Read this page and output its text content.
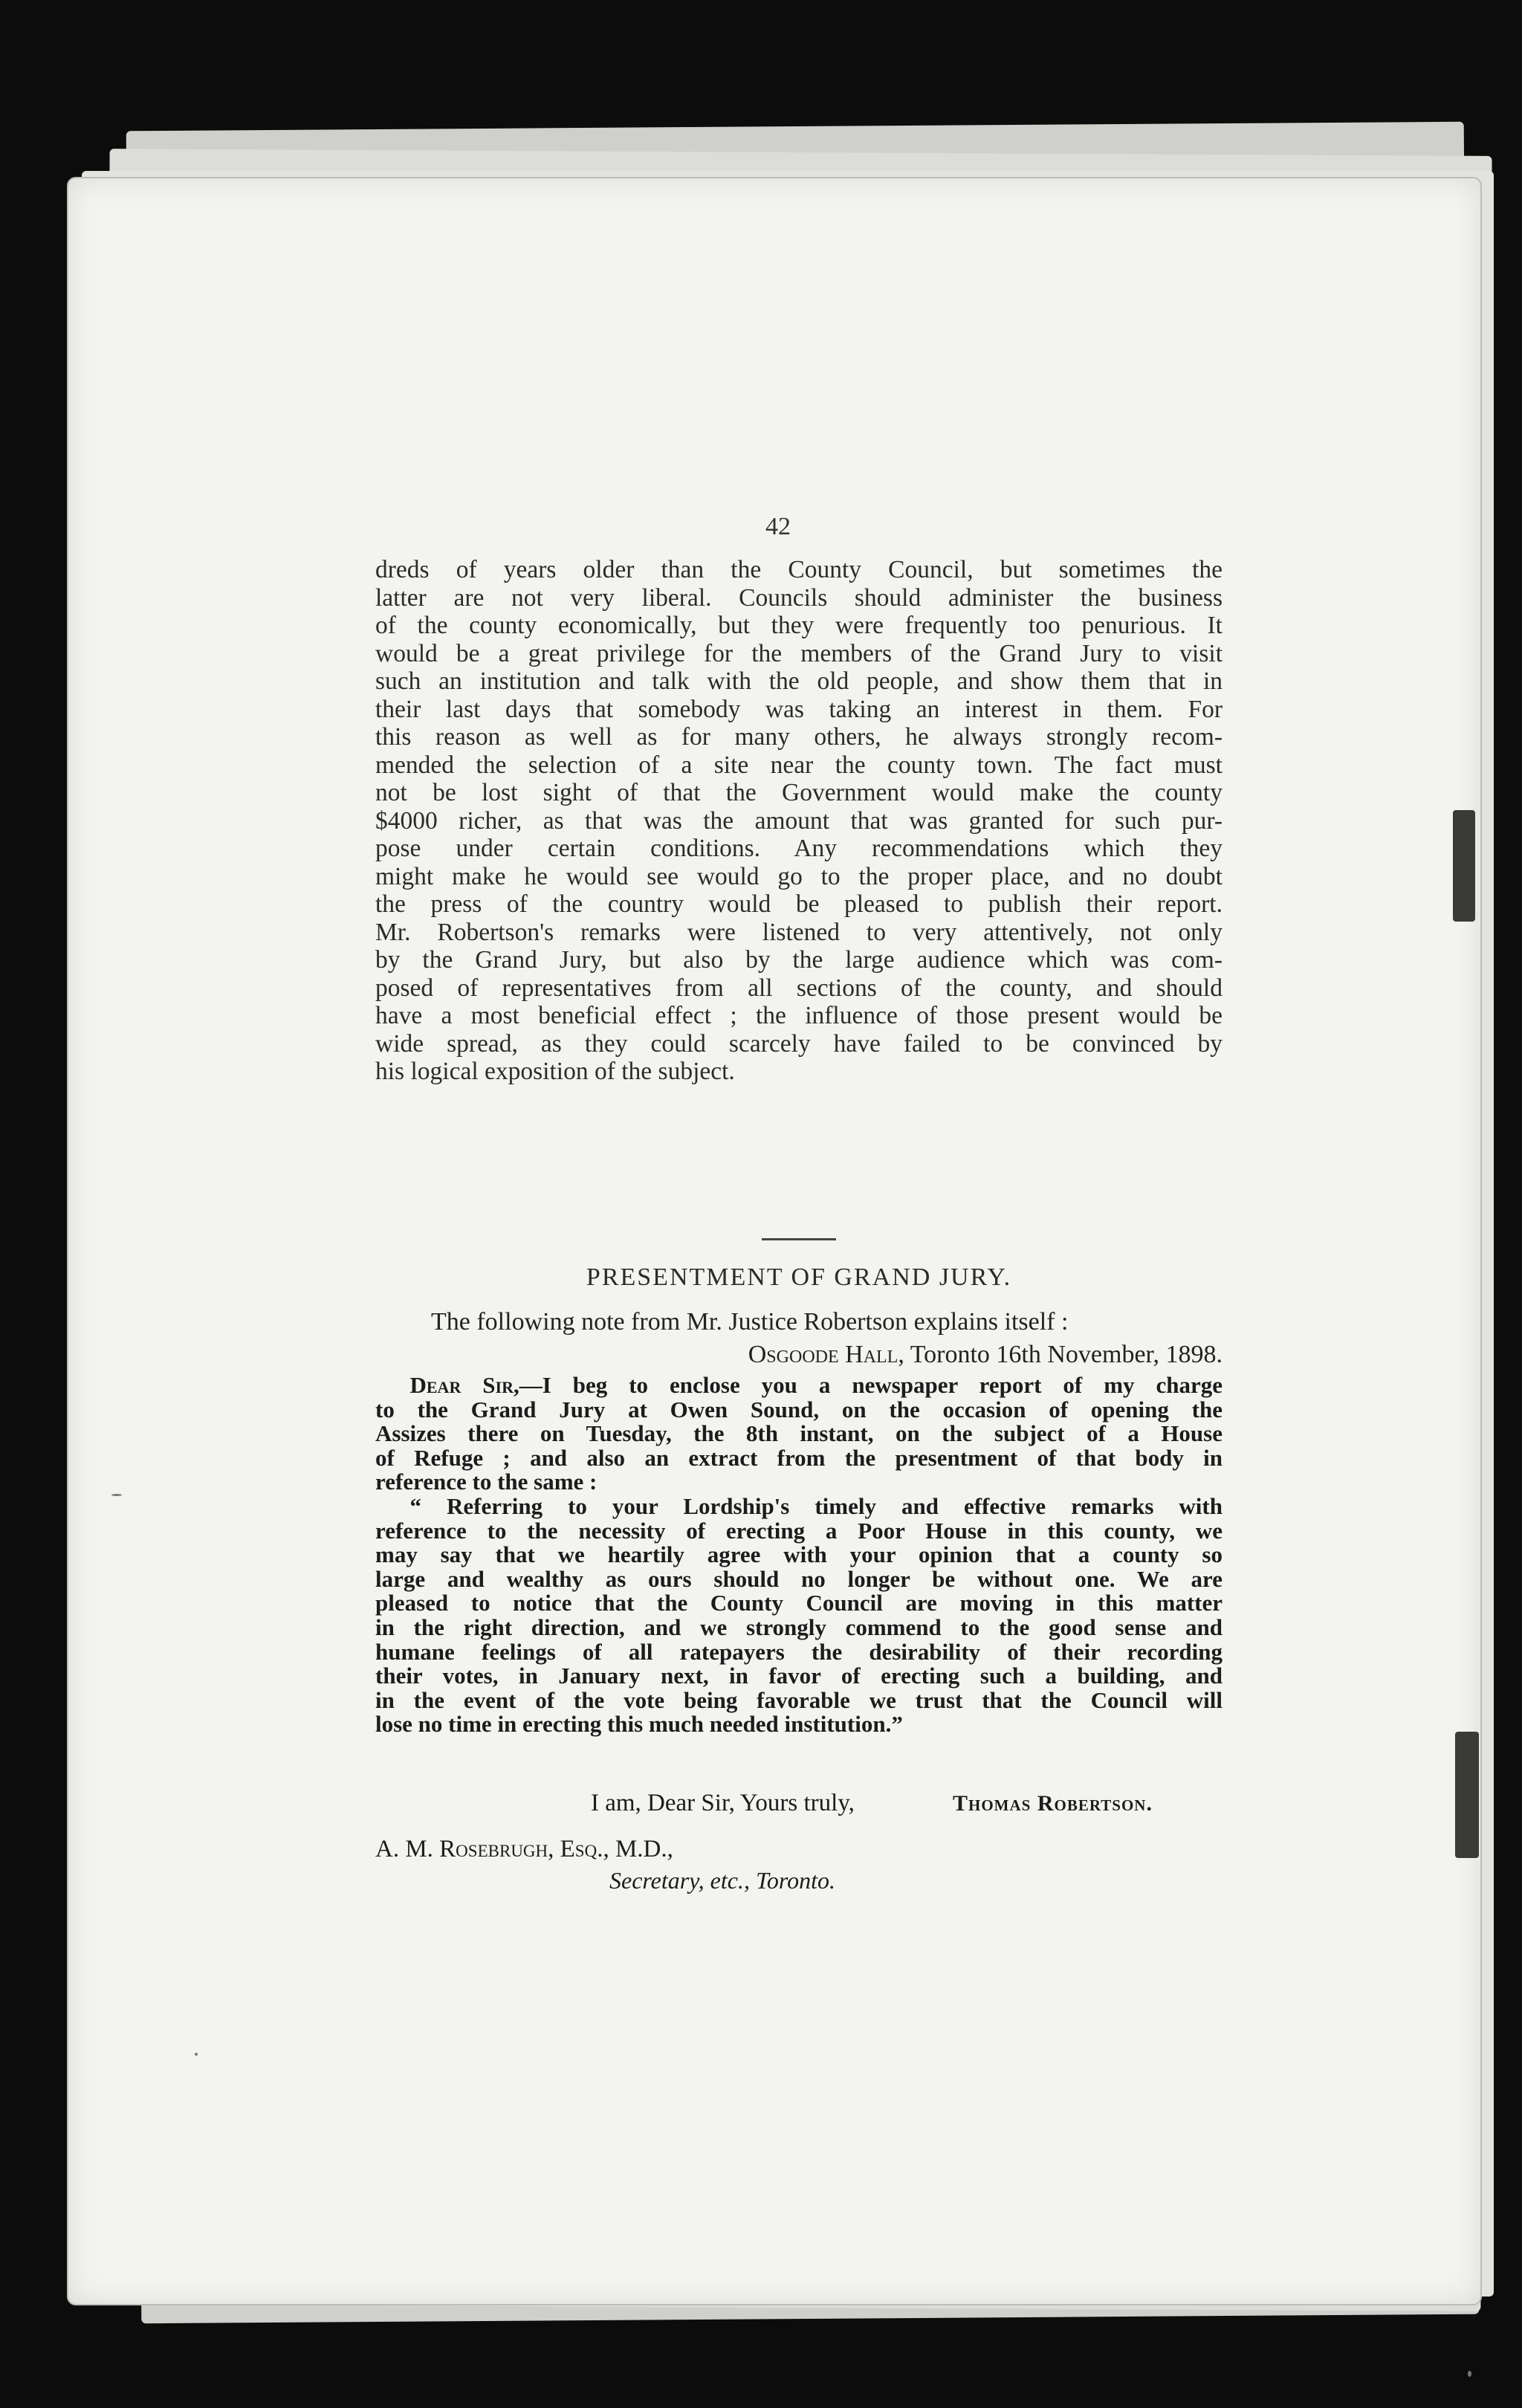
42
dreds of years older than the County Council, but sometimes the
latter are not very liberal. Councils should administer the business
of the county economically, but they were frequently too penurious. It
would be a great privilege for the members of the Grand Jury to visit
such an institution and talk with the old people, and show them that in
their last days that somebody was taking an interest in them. For
this reason as well as for many others, he always strongly recom-
mended the selection of a site near the county town. The fact must
not be lost sight of that the Government would make the county
$4000 richer, as that was the amount that was granted for such pur-
pose under certain conditions. Any recommendations which they
might make he would see would go to the proper place, and no doubt
the press of the country would be pleased to publish their report.
Mr. Robertson's remarks were listened to very attentively, not only
by the Grand Jury, but also by the large audience which was com-
posed of representatives from all sections of the county, and should
have a most beneficial effect ; the influence of those present would be
wide spread, as they could scarcely have failed to be convinced by
his logical exposition of the subject.
PRESENTMENT OF GRAND JURY.
The following note from Mr. Justice Robertson explains itself :
Osgoode Hall, Toronto 16th November, 1898.
  Dear Sir,—I beg to enclose you a newspaper report of my charge
to the Grand Jury at Owen Sound, on the occasion of opening the
Assizes there on Tuesday, the 8th instant, on the subject of a House
of Refuge ; and also an extract from the presentment of that body in
reference to the same :
  “ Referring to your Lordship's timely and effective remarks with
reference to the necessity of erecting a Poor House in this county, we
may say that we heartily agree with your opinion that a county so
large and wealthy as ours should no longer be without one. We are
pleased to notice that the County Council are moving in this matter
in the right direction, and we strongly commend to the good sense and
humane feelings of all ratepayers the desirability of their recording
their votes, in January next, in favor of erecting such a building, and
in the event of the vote being favorable we trust that the Council will
lose no time in erecting this much needed institution.”
I am, Dear Sir, Yours truly,	Thomas Robertson.
A. M. Rosebrugh, Esq., M.D.,
Secretary, etc., Toronto.
